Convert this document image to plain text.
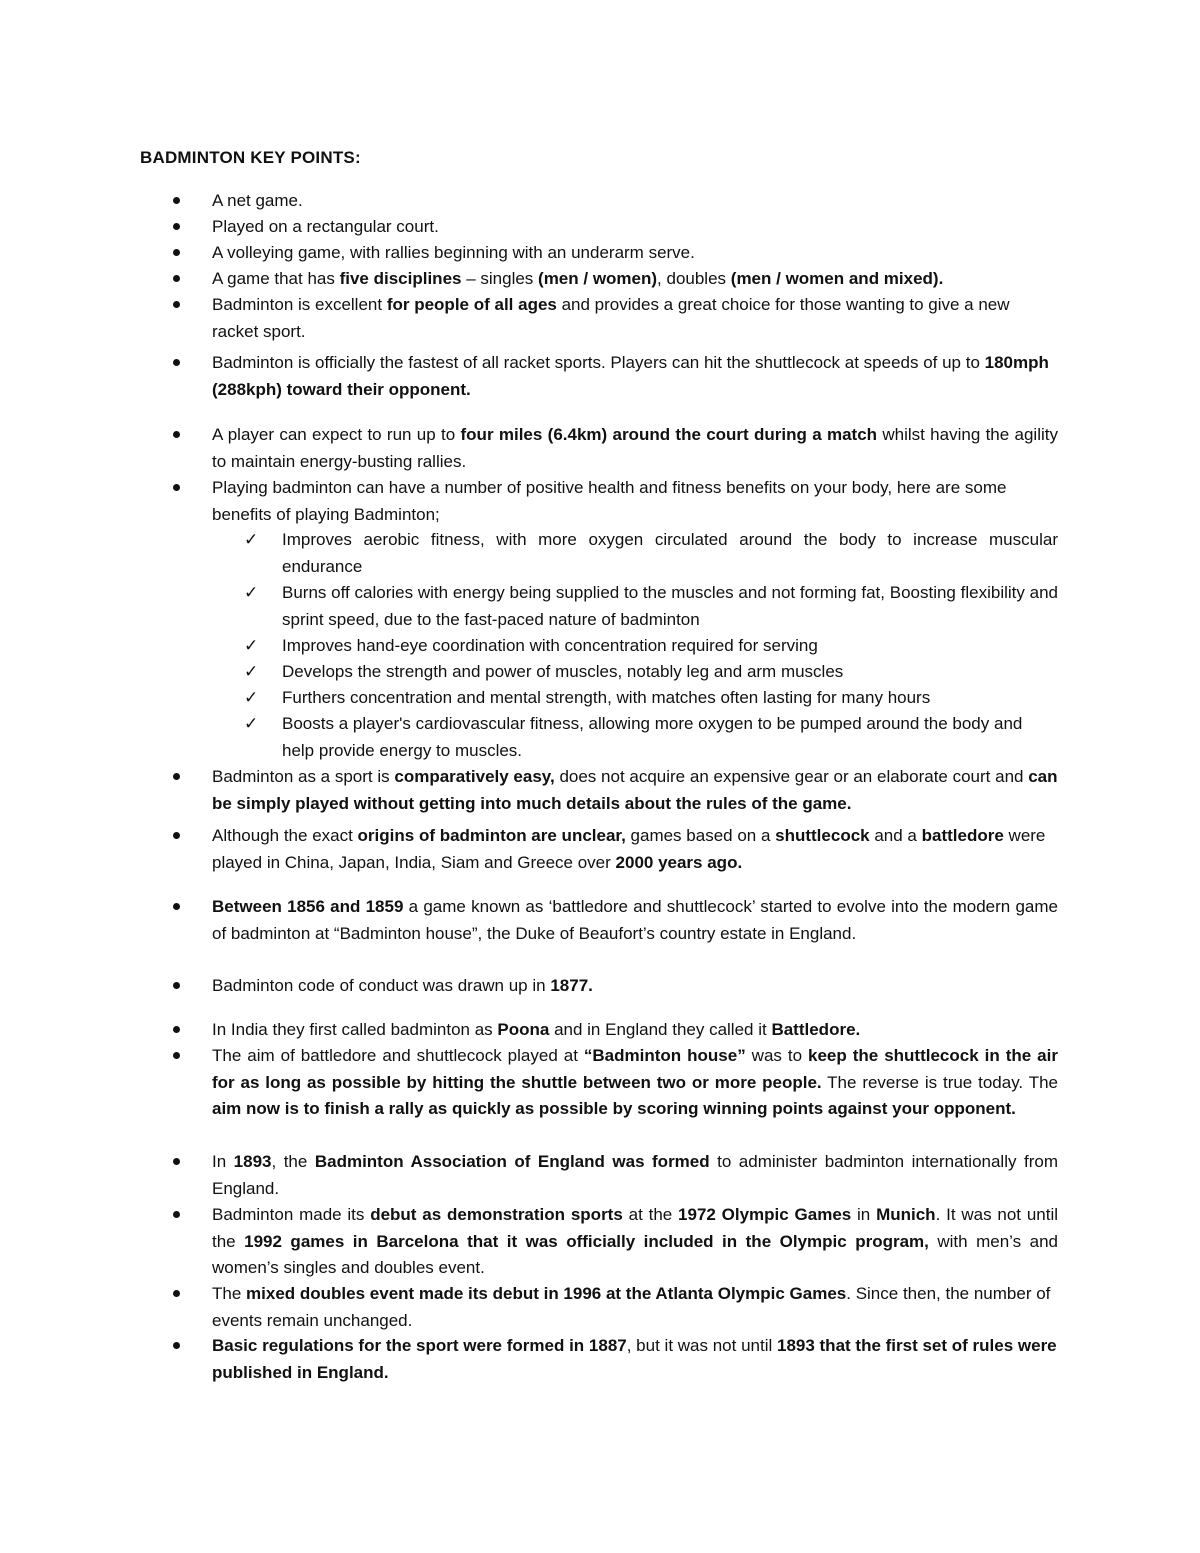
BADMINTON KEY POINTS:
A net game.
Played on a rectangular court.
A volleying game, with rallies beginning with an underarm serve.
A game that has five disciplines – singles (men / women), doubles (men / women and mixed).
Badminton is excellent for people of all ages and provides a great choice for those wanting to give a new racket sport.
Badminton is officially the fastest of all racket sports. Players can hit the shuttlecock at speeds of up to 180mph (288kph) toward their opponent.
A player can expect to run up to four miles (6.4km) around the court during a match whilst having the agility to maintain energy-busting rallies.
Playing badminton can have a number of positive health and fitness benefits on your body, here are some benefits of playing Badminton;
Badminton as a sport is comparatively easy, does not acquire an expensive gear or an elaborate court and can be simply played without getting into much details about the rules of the game.
Although the exact origins of badminton are unclear, games based on a shuttlecock and a battledore were played in China, Japan, India, Siam and Greece over 2000 years ago.
Between 1856 and 1859 a game known as ‘battledore and shuttlecock’ started to evolve into the modern game of badminton at “Badminton house”, the Duke of Beaufort’s country estate in England.
Badminton code of conduct was drawn up in 1877.
In India they first called badminton as Poona and in England they called it Battledore.
The aim of battledore and shuttlecock played at “Badminton house” was to keep the shuttlecock in the air for as long as possible by hitting the shuttle between two or more people. The reverse is true today. The aim now is to finish a rally as quickly as possible by scoring winning points against your opponent.
In 1893, the Badminton Association of England was formed to administer badminton internationally from England.
Badminton made its debut as demonstration sports at the 1972 Olympic Games in Munich. It was not until the 1992 games in Barcelona that it was officially included in the Olympic program, with men’s and women’s singles and doubles event.
The mixed doubles event made its debut in 1996 at the Atlanta Olympic Games. Since then, the number of events remain unchanged.
Basic regulations for the sport were formed in 1887, but it was not until 1893 that the first set of rules were published in England.
✓ Improves aerobic fitness, with more oxygen circulated around the body to increase muscular endurance
✓ Burns off calories with energy being supplied to the muscles and not forming fat, Boosting flexibility and sprint speed, due to the fast-paced nature of badminton
✓ Improves hand-eye coordination with concentration required for serving
✓ Develops the strength and power of muscles, notably leg and arm muscles
✓ Furthers concentration and mental strength, with matches often lasting for many hours
✓ Boosts a player's cardiovascular fitness, allowing more oxygen to be pumped around the body and help provide energy to muscles.
